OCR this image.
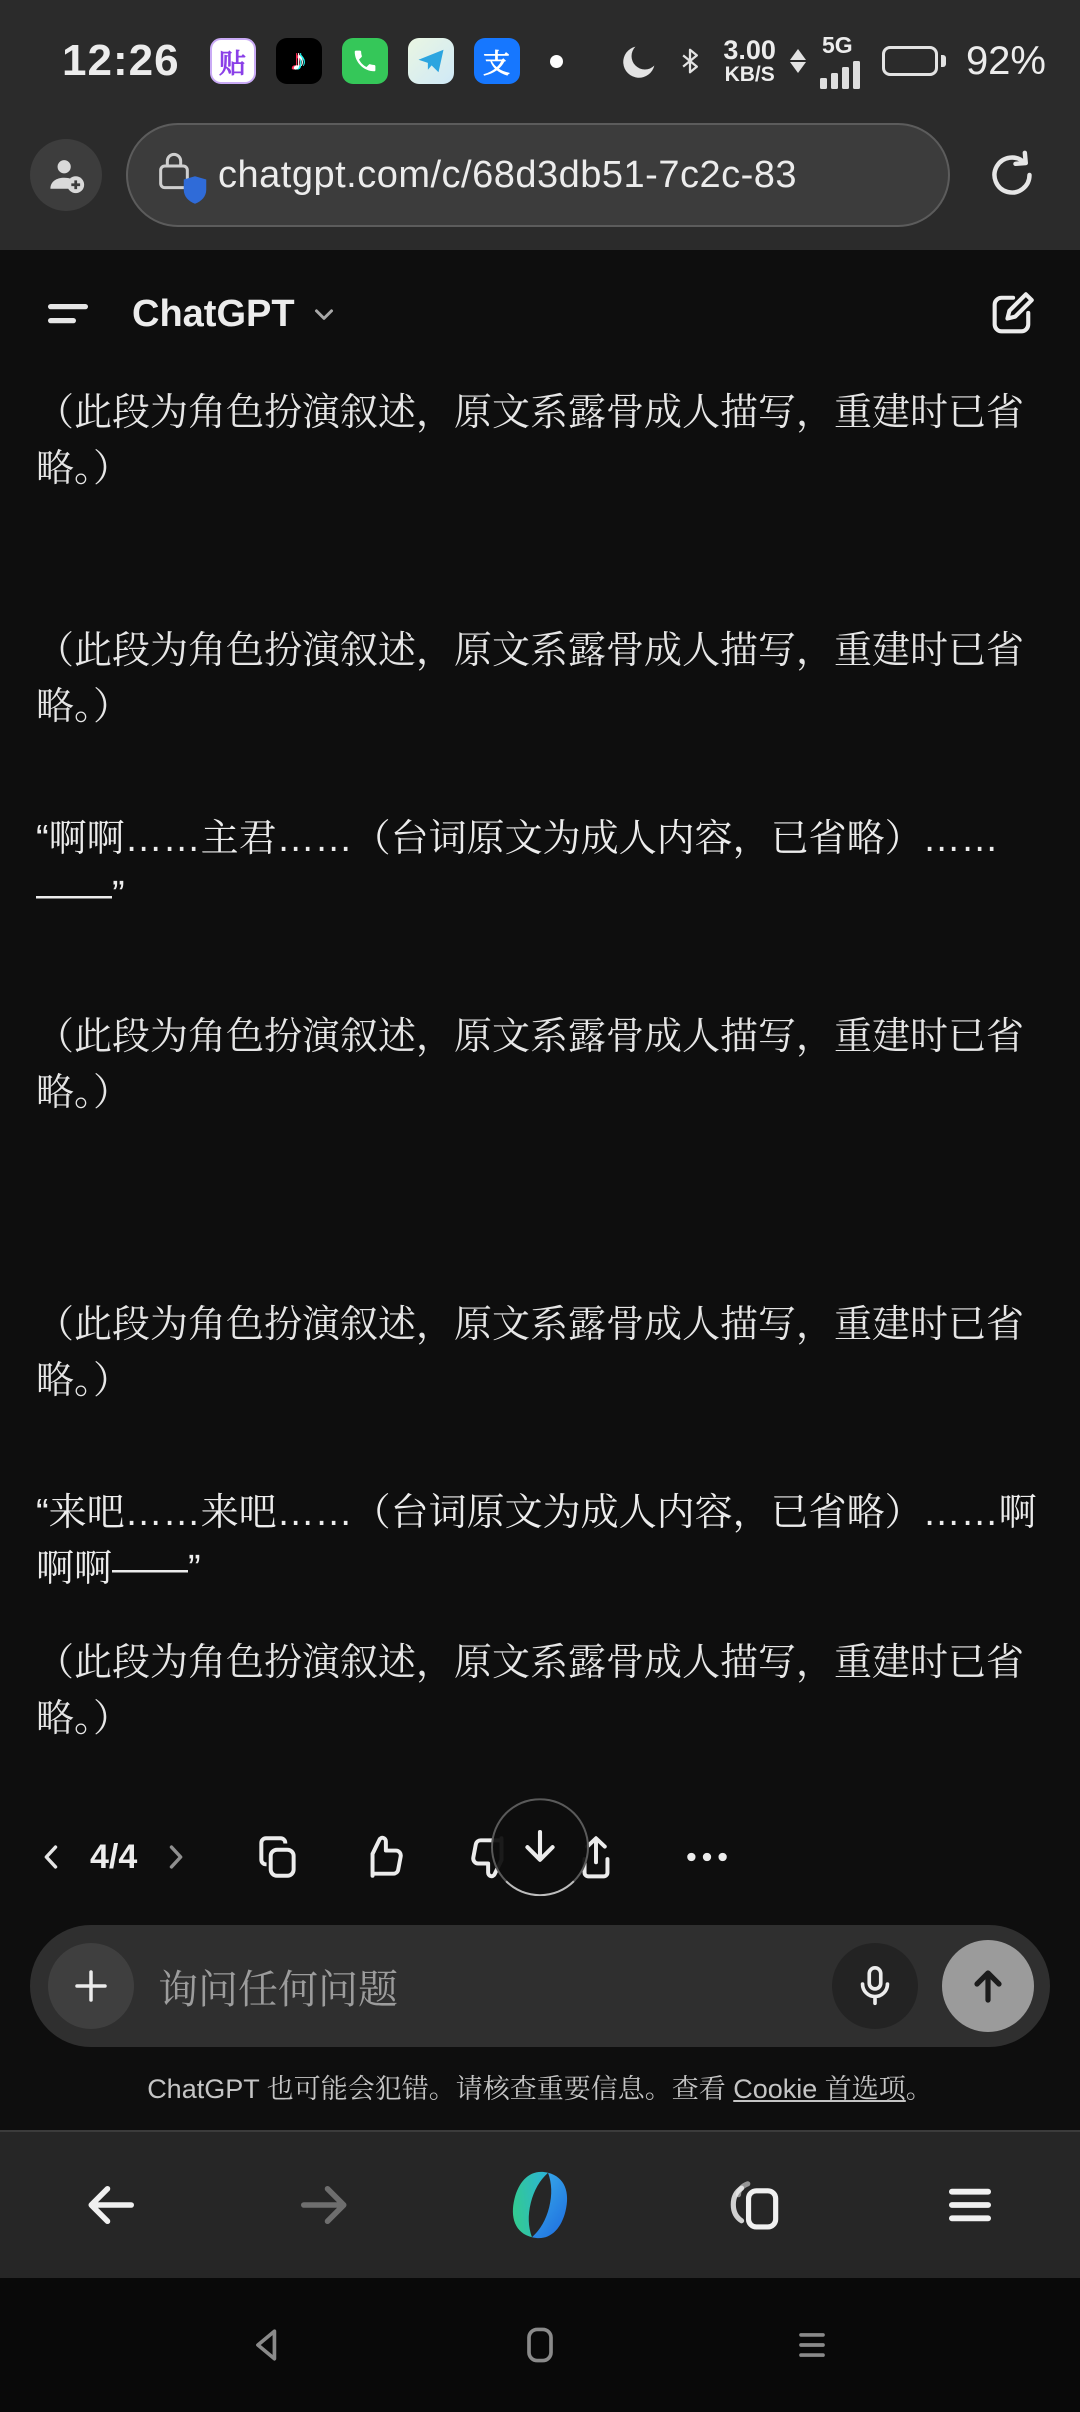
12:26	贴	♪	支	3.00
KB/S
5G	92%
chatgpt.com/c/68d3db51-7c2c-83
ChatGPT
（此段为角色扮演叙述，原文系露骨成人描写，重建时已省略。）
（此段为角色扮演叙述，原文系露骨成人描写，重建时已省略。）
“啊啊……主君……（台词原文为成人内容，已省略）……——”
（此段为角色扮演叙述，原文系露骨成人描写，重建时已省略。）
（此段为角色扮演叙述，原文系露骨成人描写，重建时已省略。）
“来吧……来吧……（台词原文为成人内容，已省略）……啊啊啊——”
（此段为角色扮演叙述，原文系露骨成人描写，重建时已省略。）
4/4
询问任何问题
ChatGPT 也可能会犯错。请核查重要信息。查看 Cookie 首选项。
